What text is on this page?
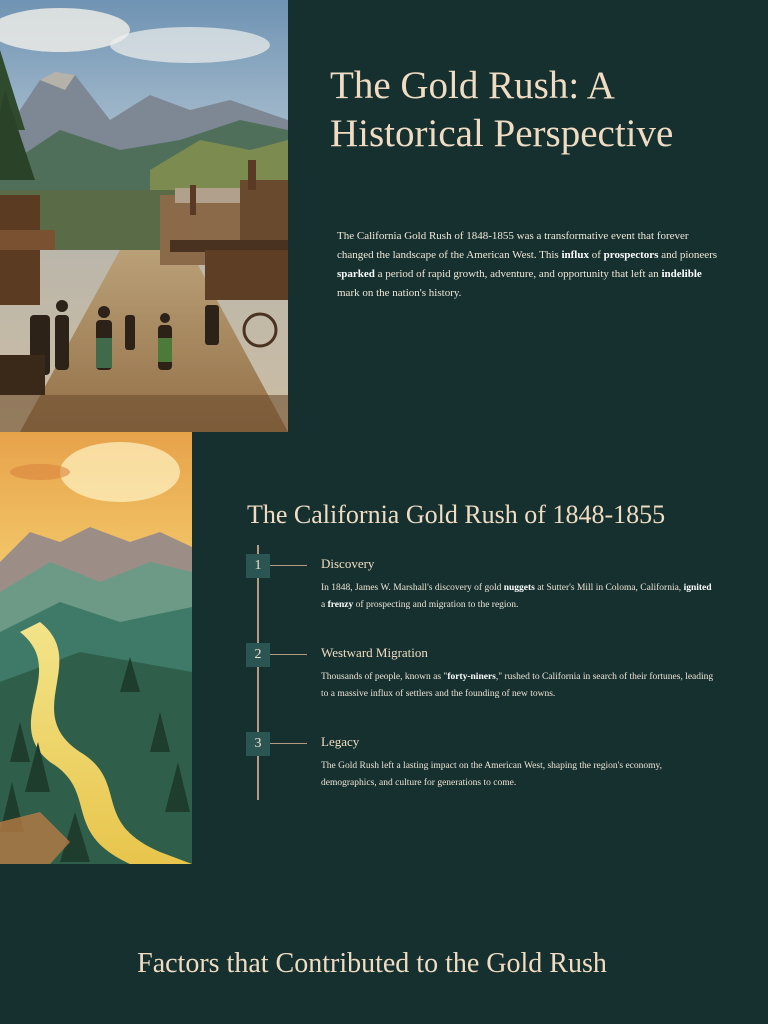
The Gold Rush: A Historical Perspective

The California Gold Rush of 1848-1855 was a transformative event that forever changed the landscape of the American West. This influx of prospectors and pioneers sparked a period of rapid growth, adventure, and opportunity that left an indelible mark on the nation's history.

The California Gold Rush of 1848-1855
1	Discovery
In 1848, James W. Marshall's discovery of gold nuggets at Sutter's Mill in Coloma, California, ignited a frenzy of prospecting and migration to the region.
2	Westward Migration
Thousands of people, known as "forty-niners," rushed to California in search of their fortunes, leading to a massive influx of settlers and the founding of new towns.
3	Legacy
The Gold Rush left a lasting impact on the American West, shaping the region's economy, demographics, and culture for generations to come.
Factors that Contributed to the Gold Rush
